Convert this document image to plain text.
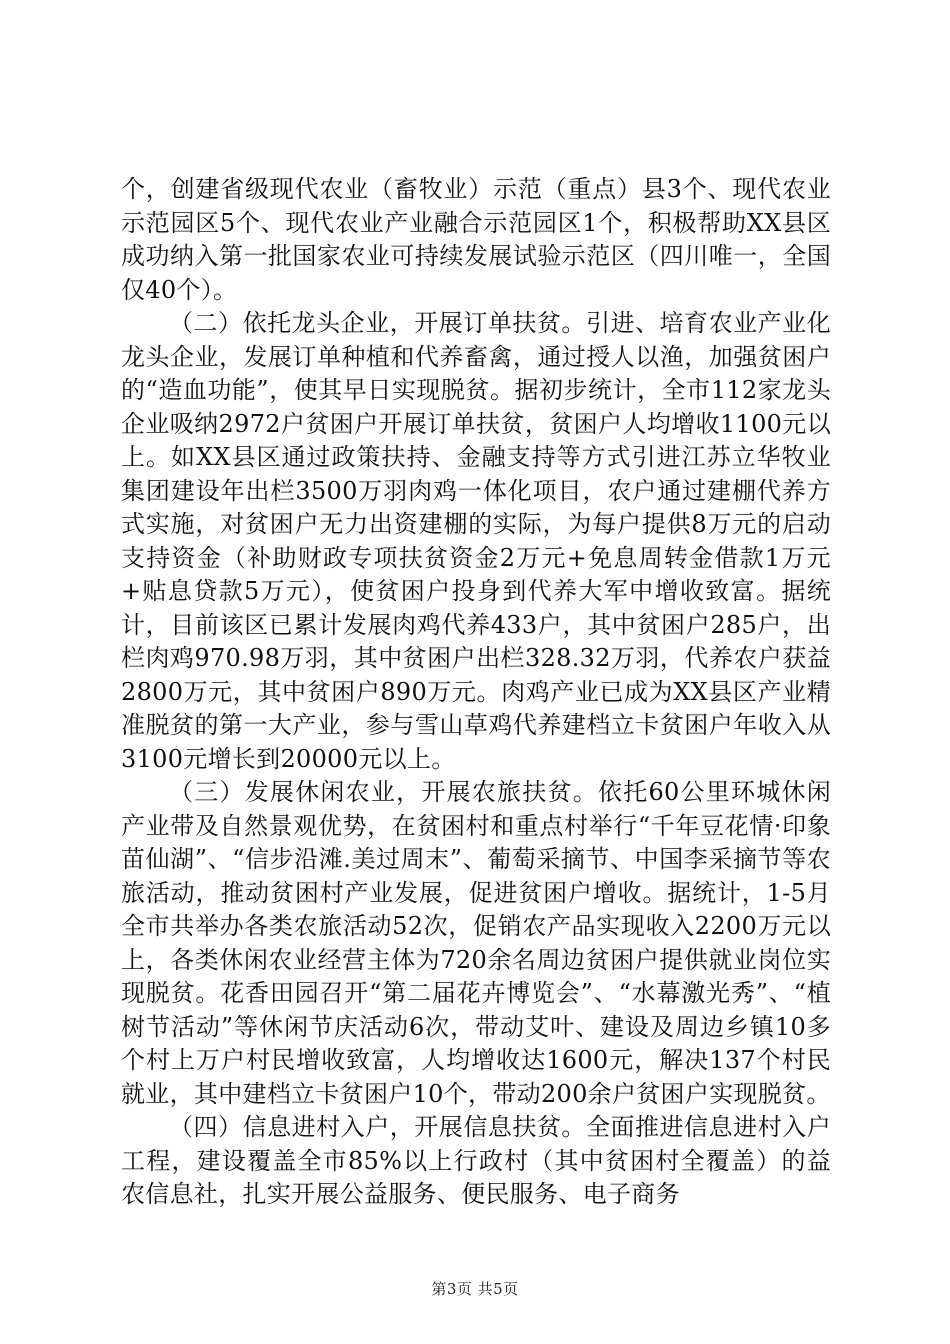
个，创建省级现代农业（畜牧业）示范（重点）县3个、现代农业示范园区5个、现代农业产业融合示范园区1个，积极帮助XX县区成功纳入第一批国家农业可持续发展试验示范区（四川唯一，全国仅40个）。

（二）依托龙头企业，开展订单扶贫。引进、培育农业产业化龙头企业，发展订单种植和代养畜禽，通过授人以渔，加强贫困户的“造血功能”，使其早日实现脱贫。据初步统计，全市112家龙头企业吸纳2972户贫困户开展订单扶贫，贫困户人均增收1100元以上。如XX县区通过政策扶持、金融支持等方式引进江苏立华牧业集团建设年出栏3500万羽肉鸡一体化项目，农户通过建棚代养方式实施，对贫困户无力出资建棚的实际，为每户提供8万元的启动支持资金（补助财政专项扶贫资金2万元+免息周转金借款1万元+贴息贷款5万元），使贫困户投身到代养大军中增收致富。据统计，目前该区已累计发展肉鸡代养433户，其中贫困户285户，出栏肉鸡970.98万羽，其中贫困户出栏328.32万羽，代养农户获益2800万元，其中贫困户890万元。肉鸡产业已成为XX县区产业精准脱贫的第一大产业，参与雪山草鸡代养建档立卡贫困户年收入从3100元增长到20000元以上。

（三）发展休闲农业，开展农旅扶贫。依托60公里环城休闲产业带及自然景观优势，在贫困村和重点村举行“千年豆花情·印象苗仙湖”、“信步沿滩.美过周末”、葡萄采摘节、中国李采摘节等农旅活动，推动贫困村产业发展，促进贫困户增收。据统计，1-5月全市共举办各类农旅活动52次，促销农产品实现收入2200万元以上，各类休闲农业经营主体为720余名周边贫困户提供就业岗位实现脱贫。花香田园召开“第二届花卉博览会”、“水幕激光秀”、“植树节活动”等休闲节庆活动6次，带动艾叶、建设及周边乡镇10多个村上万户村民增收致富，人均增收达1600元，解决137个村民就业，其中建档立卡贫困户10个，带动200余户贫困户实现脱贫。

（四）信息进村入户，开展信息扶贫。全面推进信息进村入户工程，建设覆盖全市85%以上行政村（其中贫困村全覆盖）的益农信息社，扎实开展公益服务、便民服务、电子商务

第3页 共5页
